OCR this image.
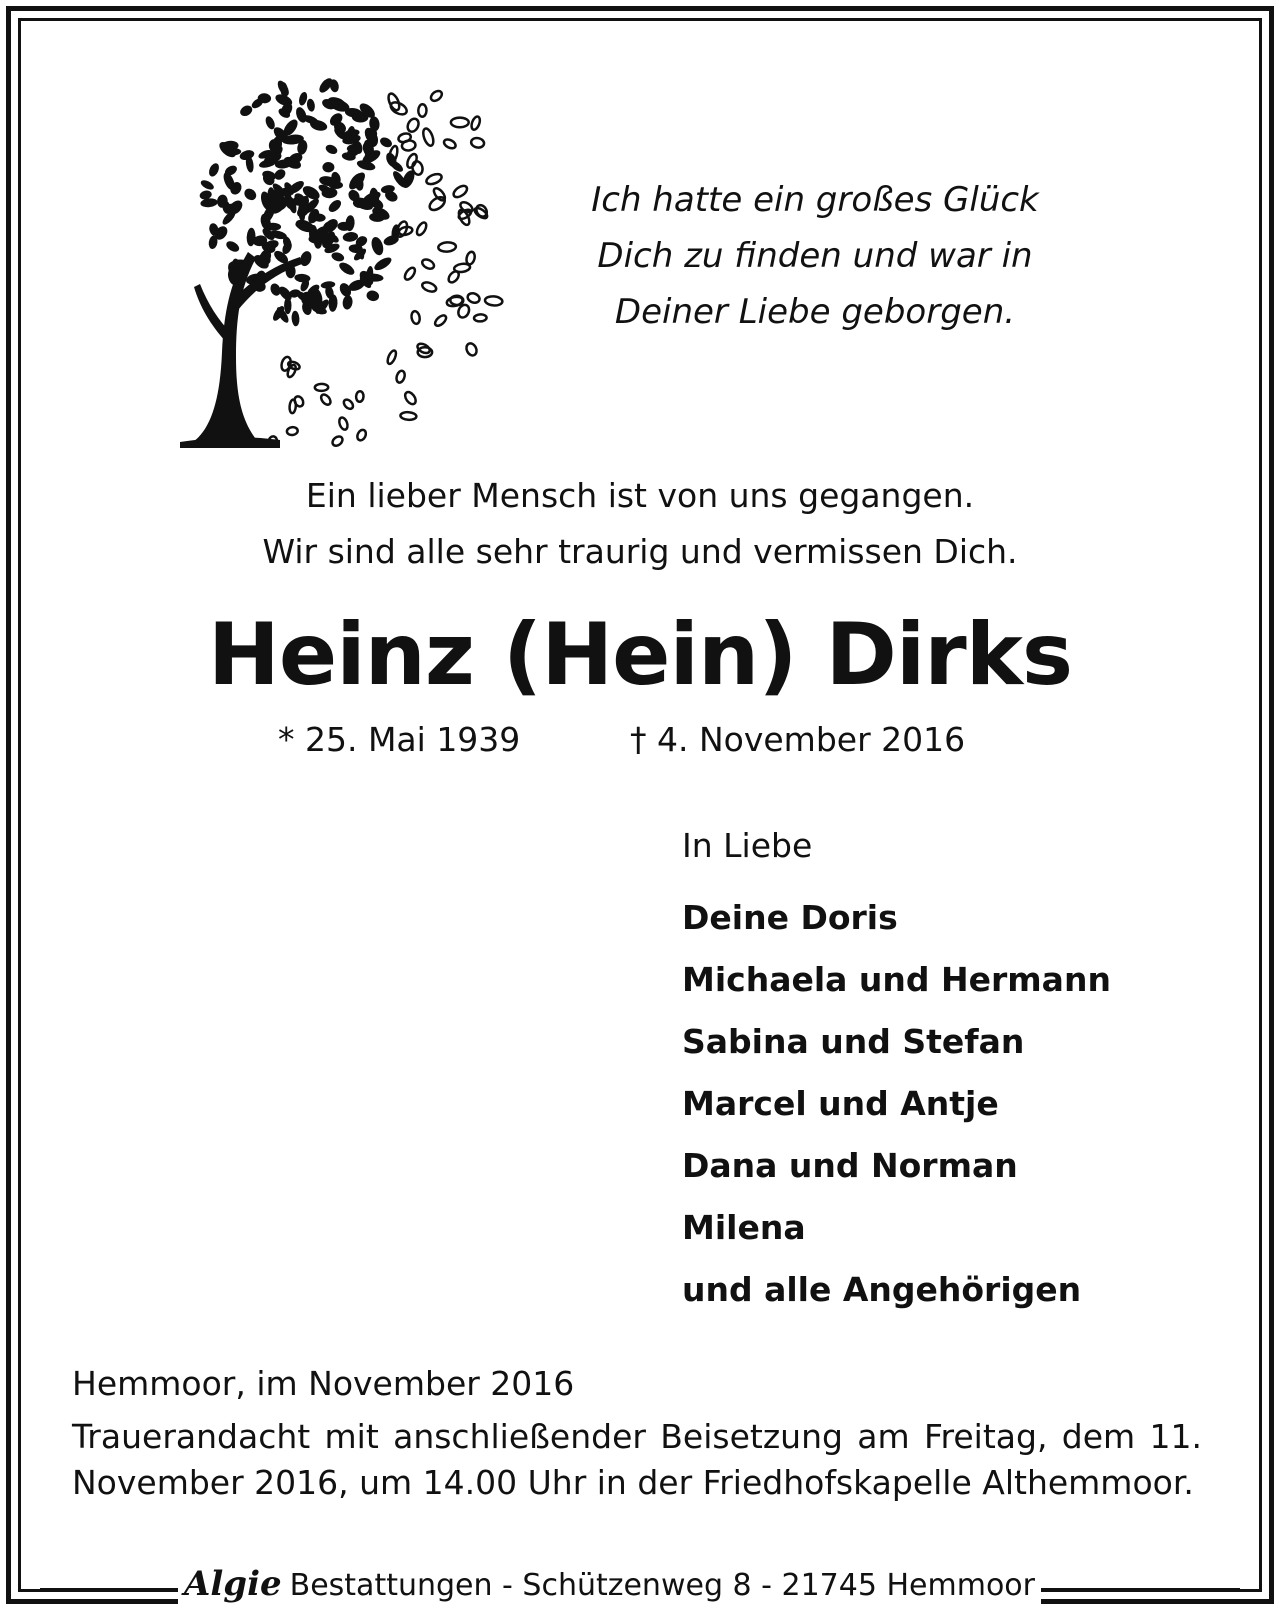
Ich hatte ein großes Glück
Dich zu finden und war in
Deiner Liebe geborgen.
Ein lieber Mensch ist von uns gegangen.
Wir sind alle sehr traurig und vermissen Dich.
Heinz (Hein) Dirks
* 25. Mai 1939	† 4. November 2016
In Liebe
Deine Doris
Michaela und Hermann
Sabina und Stefan
Marcel und Antje
Dana und Norman
Milena
und alle Angehörigen
Hemmoor, im November 2016
Trauerandacht mit anschließender Beisetzung am Freitag, dem 11. November 2016, um 14.00 Uhr in der Friedhofskapelle Althemmoor.
Algie Bestattungen - Schützenweg 8 - 21745 Hemmoor
